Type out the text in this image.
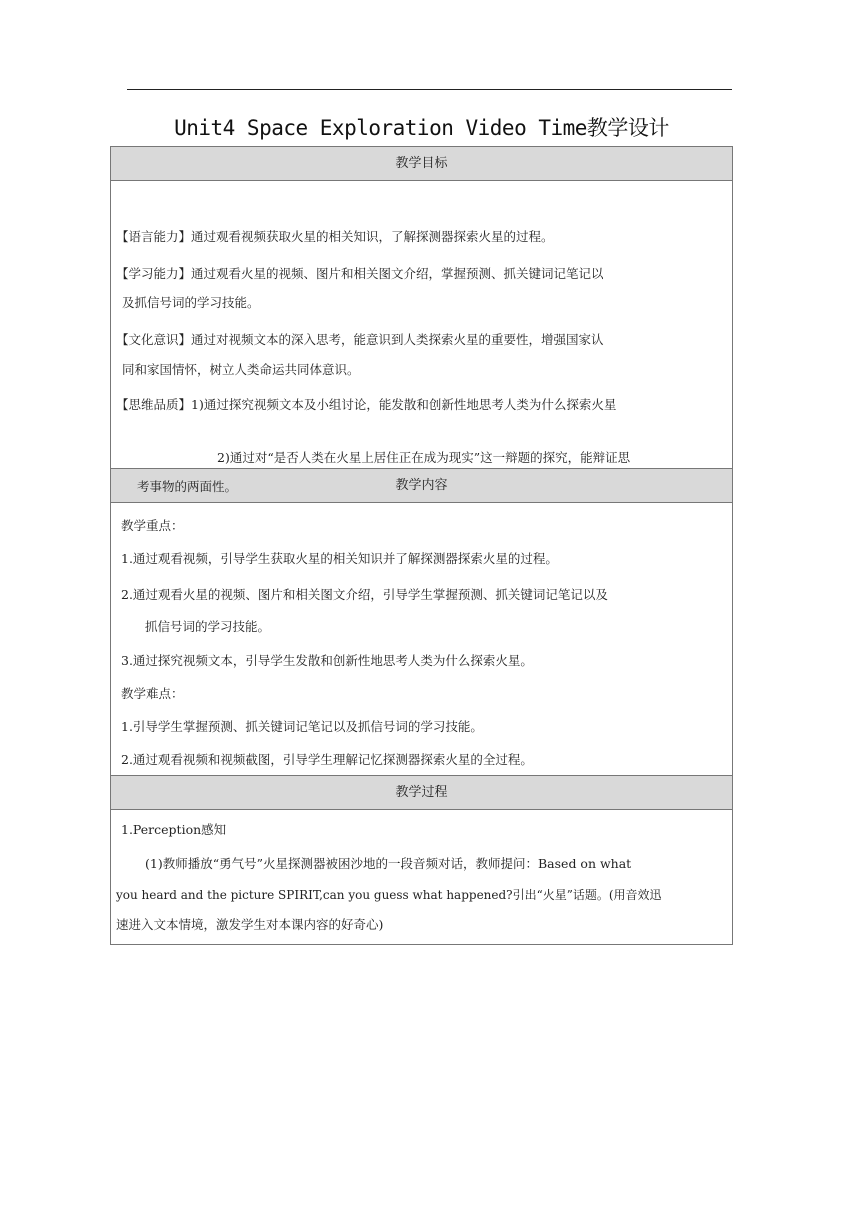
Unit4 Space Exploration Video Time教学设计
教学目标
【语言能力】通过观看视频获取火星的相关知识，了解探测器探索火星的过程。
【学习能力】通过观看火星的视频、图片和相关图文介绍，掌握预测、抓关键词记笔记以
及抓信号词的学习技能。
【文化意识】通过对视频文本的深入思考，能意识到人类探索火星的重要性，增强国家认
同和家国情怀，树立人类命运共同体意识。
【思维品质】1)通过探究视频文本及小组讨论，能发散和创新性地思考人类为什么探索火星
2)通过对“是否人类在火星上居住正在成为现实”这一辩题的探究，能辩证思
考事物的两面性。	教学内容
教学重点：
1.通过观看视频，引导学生获取火星的相关知识并了解探测器探索火星的过程。
2.通过观看火星的视频、图片和相关图文介绍，引导学生掌握预测、抓关键词记笔记以及
抓信号词的学习技能。
3.通过探究视频文本，引导学生发散和创新性地思考人类为什么探索火星。
教学难点：
1.引导学生掌握预测、抓关键词记笔记以及抓信号词的学习技能。
2.通过观看视频和视频截图，引导学生理解记忆探测器探索火星的全过程。
教学过程
1.Perception感知
(1)教师播放“勇气号”火星探测器被困沙地的一段音频对话，教师提问：Based on what
you heard and the picture SPIRIT,can you guess what happened?引出“火星”话题。(用音效迅
速进入文本情境，激发学生对本课内容的好奇心)
